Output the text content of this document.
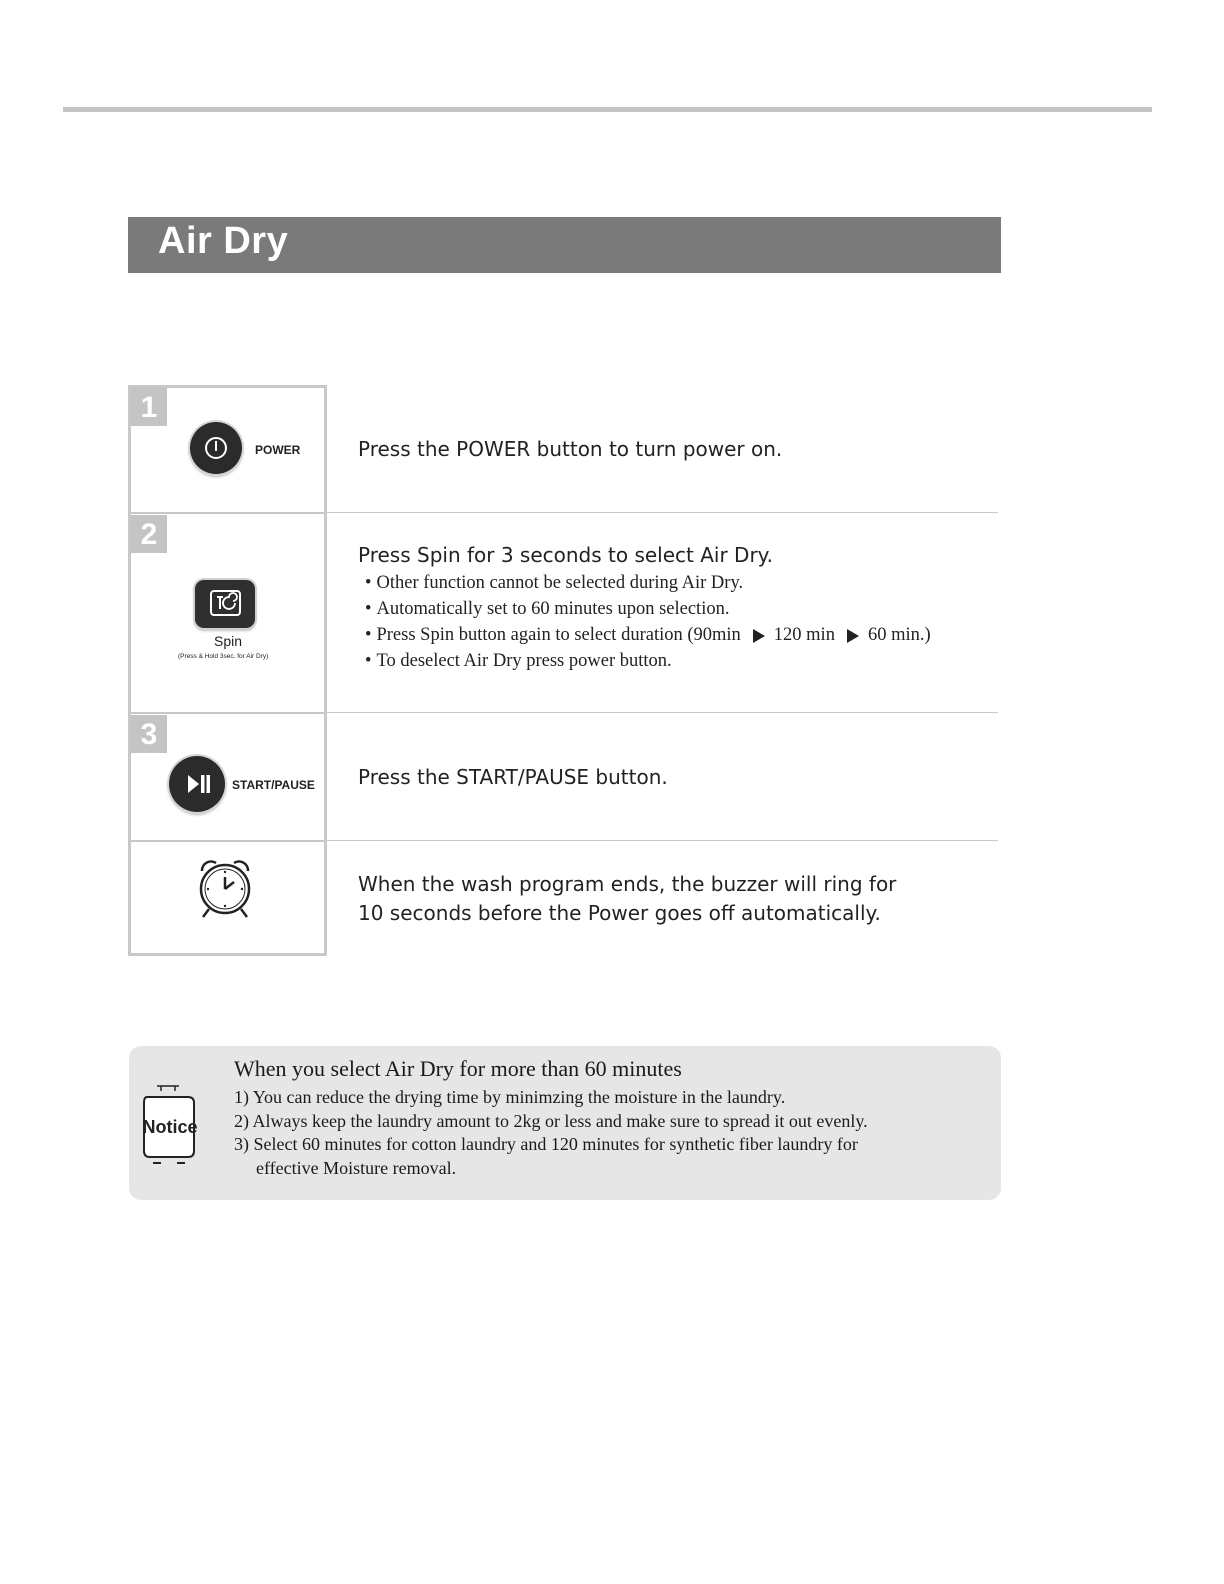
Air Dry
1
POWER	Press the POWER button to turn power on.
2
Spin
(Press & Hold 3sec. for Air Dry)
Press Spin for 3 seconds to select Air Dry.
• Other function cannot be selected during Air Dry.
• Automatically set to 60 minutes upon selection.
• Press Spin button again to select duration (90min 120 min 60 min.)
• To deselect Air Dry press power button.
3
START/PAUSE Press the START/PAUSE button.
When the wash program ends, the buzzer will ring for
10 seconds before the Power goes off automatically.
Notice
When you select Air Dry for more than 60 minutes
1) You can reduce the drying time by minimzing the moisture in the laundry.
2) Always keep the laundry amount to 2kg or less and make sure to spread it out evenly.
3) Select 60 minutes for cotton laundry and 120 minutes for synthetic fiber laundry for
effective Moisture removal.
